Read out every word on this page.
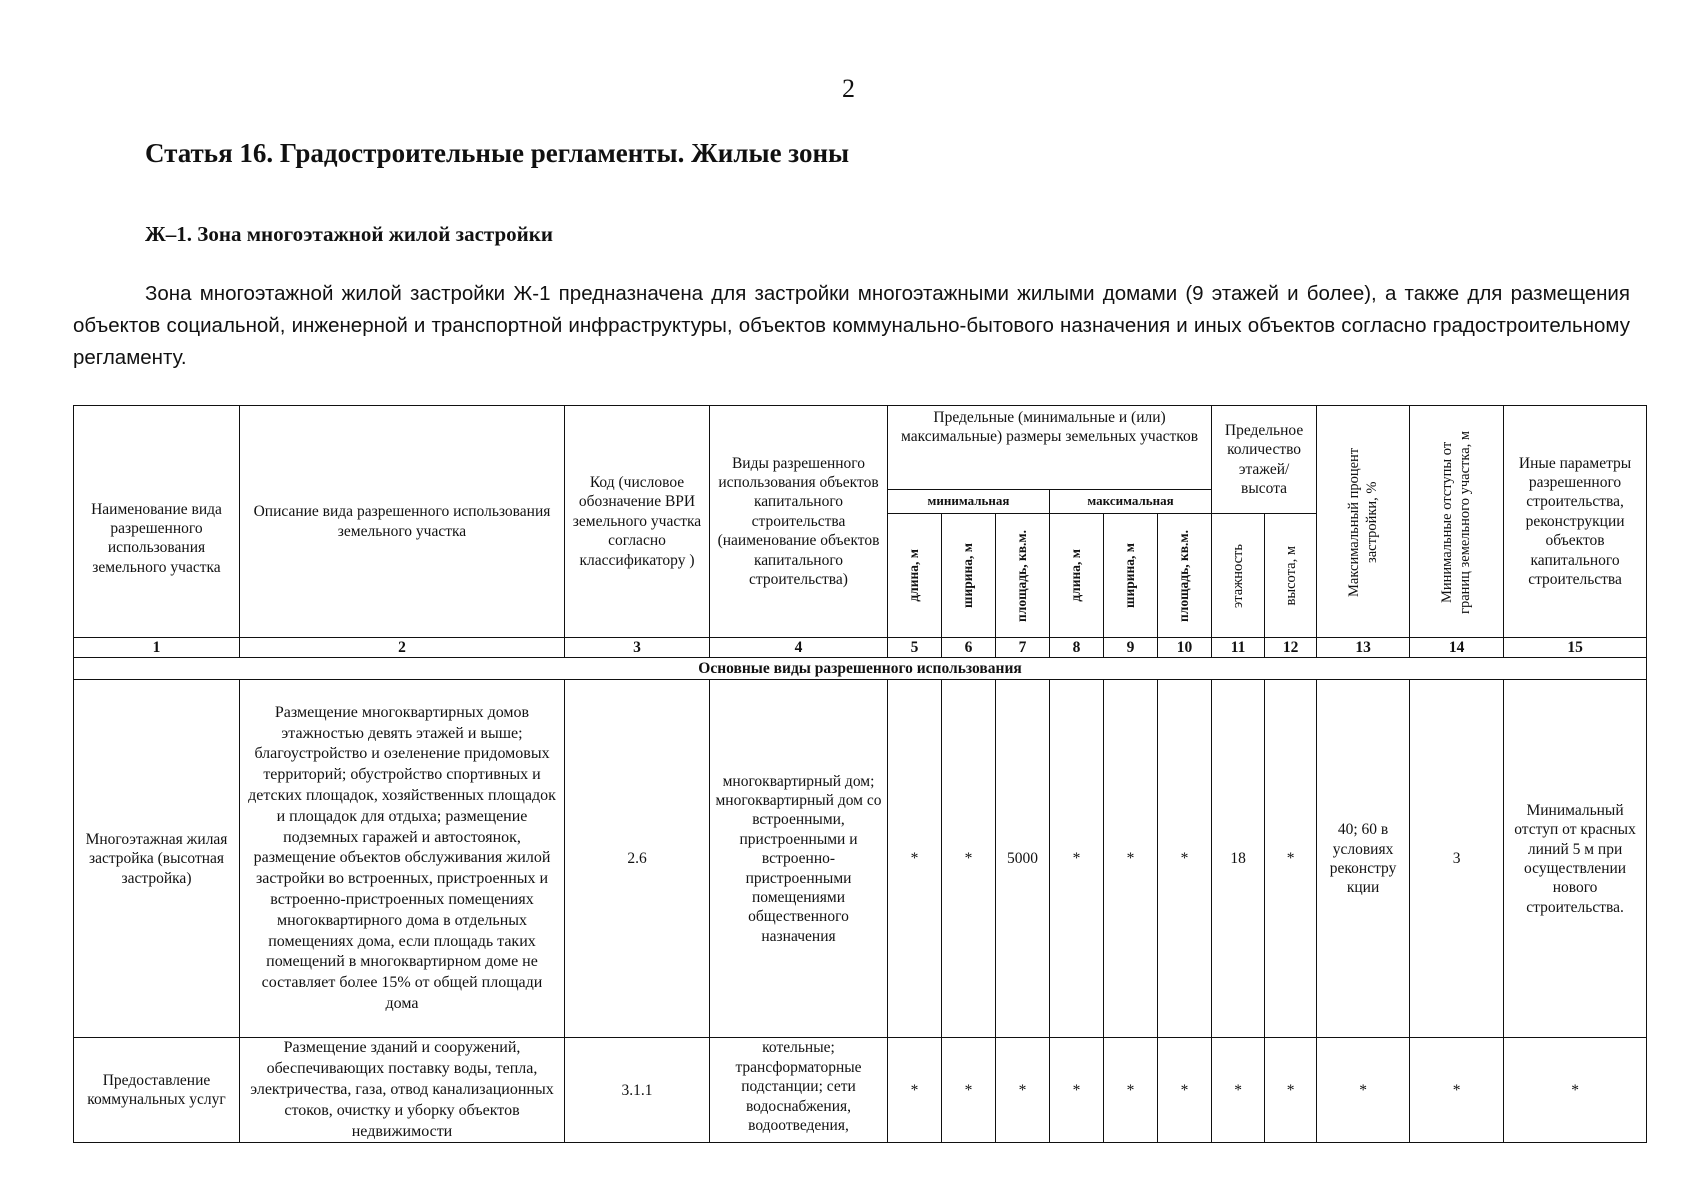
2
Статья 16. Градостроительные регламенты. Жилые зоны
Ж–1. Зона многоэтажной жилой застройки

Зона многоэтажной жилой застройки Ж-1 предназначена для застройки многоэтажными жилыми домами (9 этажей и более), а также для размещения объектов социальной, инженерной и транспортной инфраструктуры, объектов коммунально-бытового назначения и иных объектов согласно градостроительному регламенту.

Наименование вида разрешенного использования земельного участка	Описание вида разрешенного использования земельного участка	Код (числовое обозначение ВРИ земельного участка согласно классификатору )	Виды разрешенного использования объектов капитального строительства (наименование объектов капитального строительства)	Предельные (минимальные и (или) максимальные) размеры земельных участков						Предельное количество этажей/ высота		Максимальный процент застройки, %	Минимальные отступы от границ земельного участка, м	Иные параметры разрешенного строительства, реконструкции объектов капитального строительства
				минимальная			максимальная							

				длина, м	ширина, м	площадь, кв.м.	длина, м	ширина, м	площадь, кв.м.	этажность	высота, м			

1	2	3	4	5	6	7	8	9	10	11	12	13	14	15
Основные виды разрешенного использования														
Многоэтажная жилая застройка (высотная застройка)	Размещение многоквартирных домов этажностью девять этажей и выше; благоустройство и озеленение придомовых территорий; обустройство спортивных и детских площадок, хозяйственных площадок и площадок для отдыха; размещение подземных гаражей и автостоянок, размещение объектов обслуживания жилой застройки во встроенных, пристроенных и встроенно-пристроенных помещениях многоквартирного дома в отдельных помещениях дома, если площадь таких помещений в многоквартирном доме не составляет более 15% от общей площади дома	2.6	многоквартирный дом; многоквартирный дом со встроенными, пристроенными и встроенно-пристроенными помещениями общественного назначения	*	*	5000	*	*	*	18	*	40; 60 в условиях реконстру кции	3	Минимальный отступ от красных линий 5 м при осуществлении нового строительства.
Предоставление коммунальных услуг	Размещение зданий и сооружений, обеспечивающих поставку воды, тепла, электричества, газа, отвод канализационных стоков, очистку и уборку объектов недвижимости	3.1.1	котельные; трансформаторные подстанции; сети водоснабжения, водоотведения,	*	*	*	*	*	*	*	*	*	*	*
